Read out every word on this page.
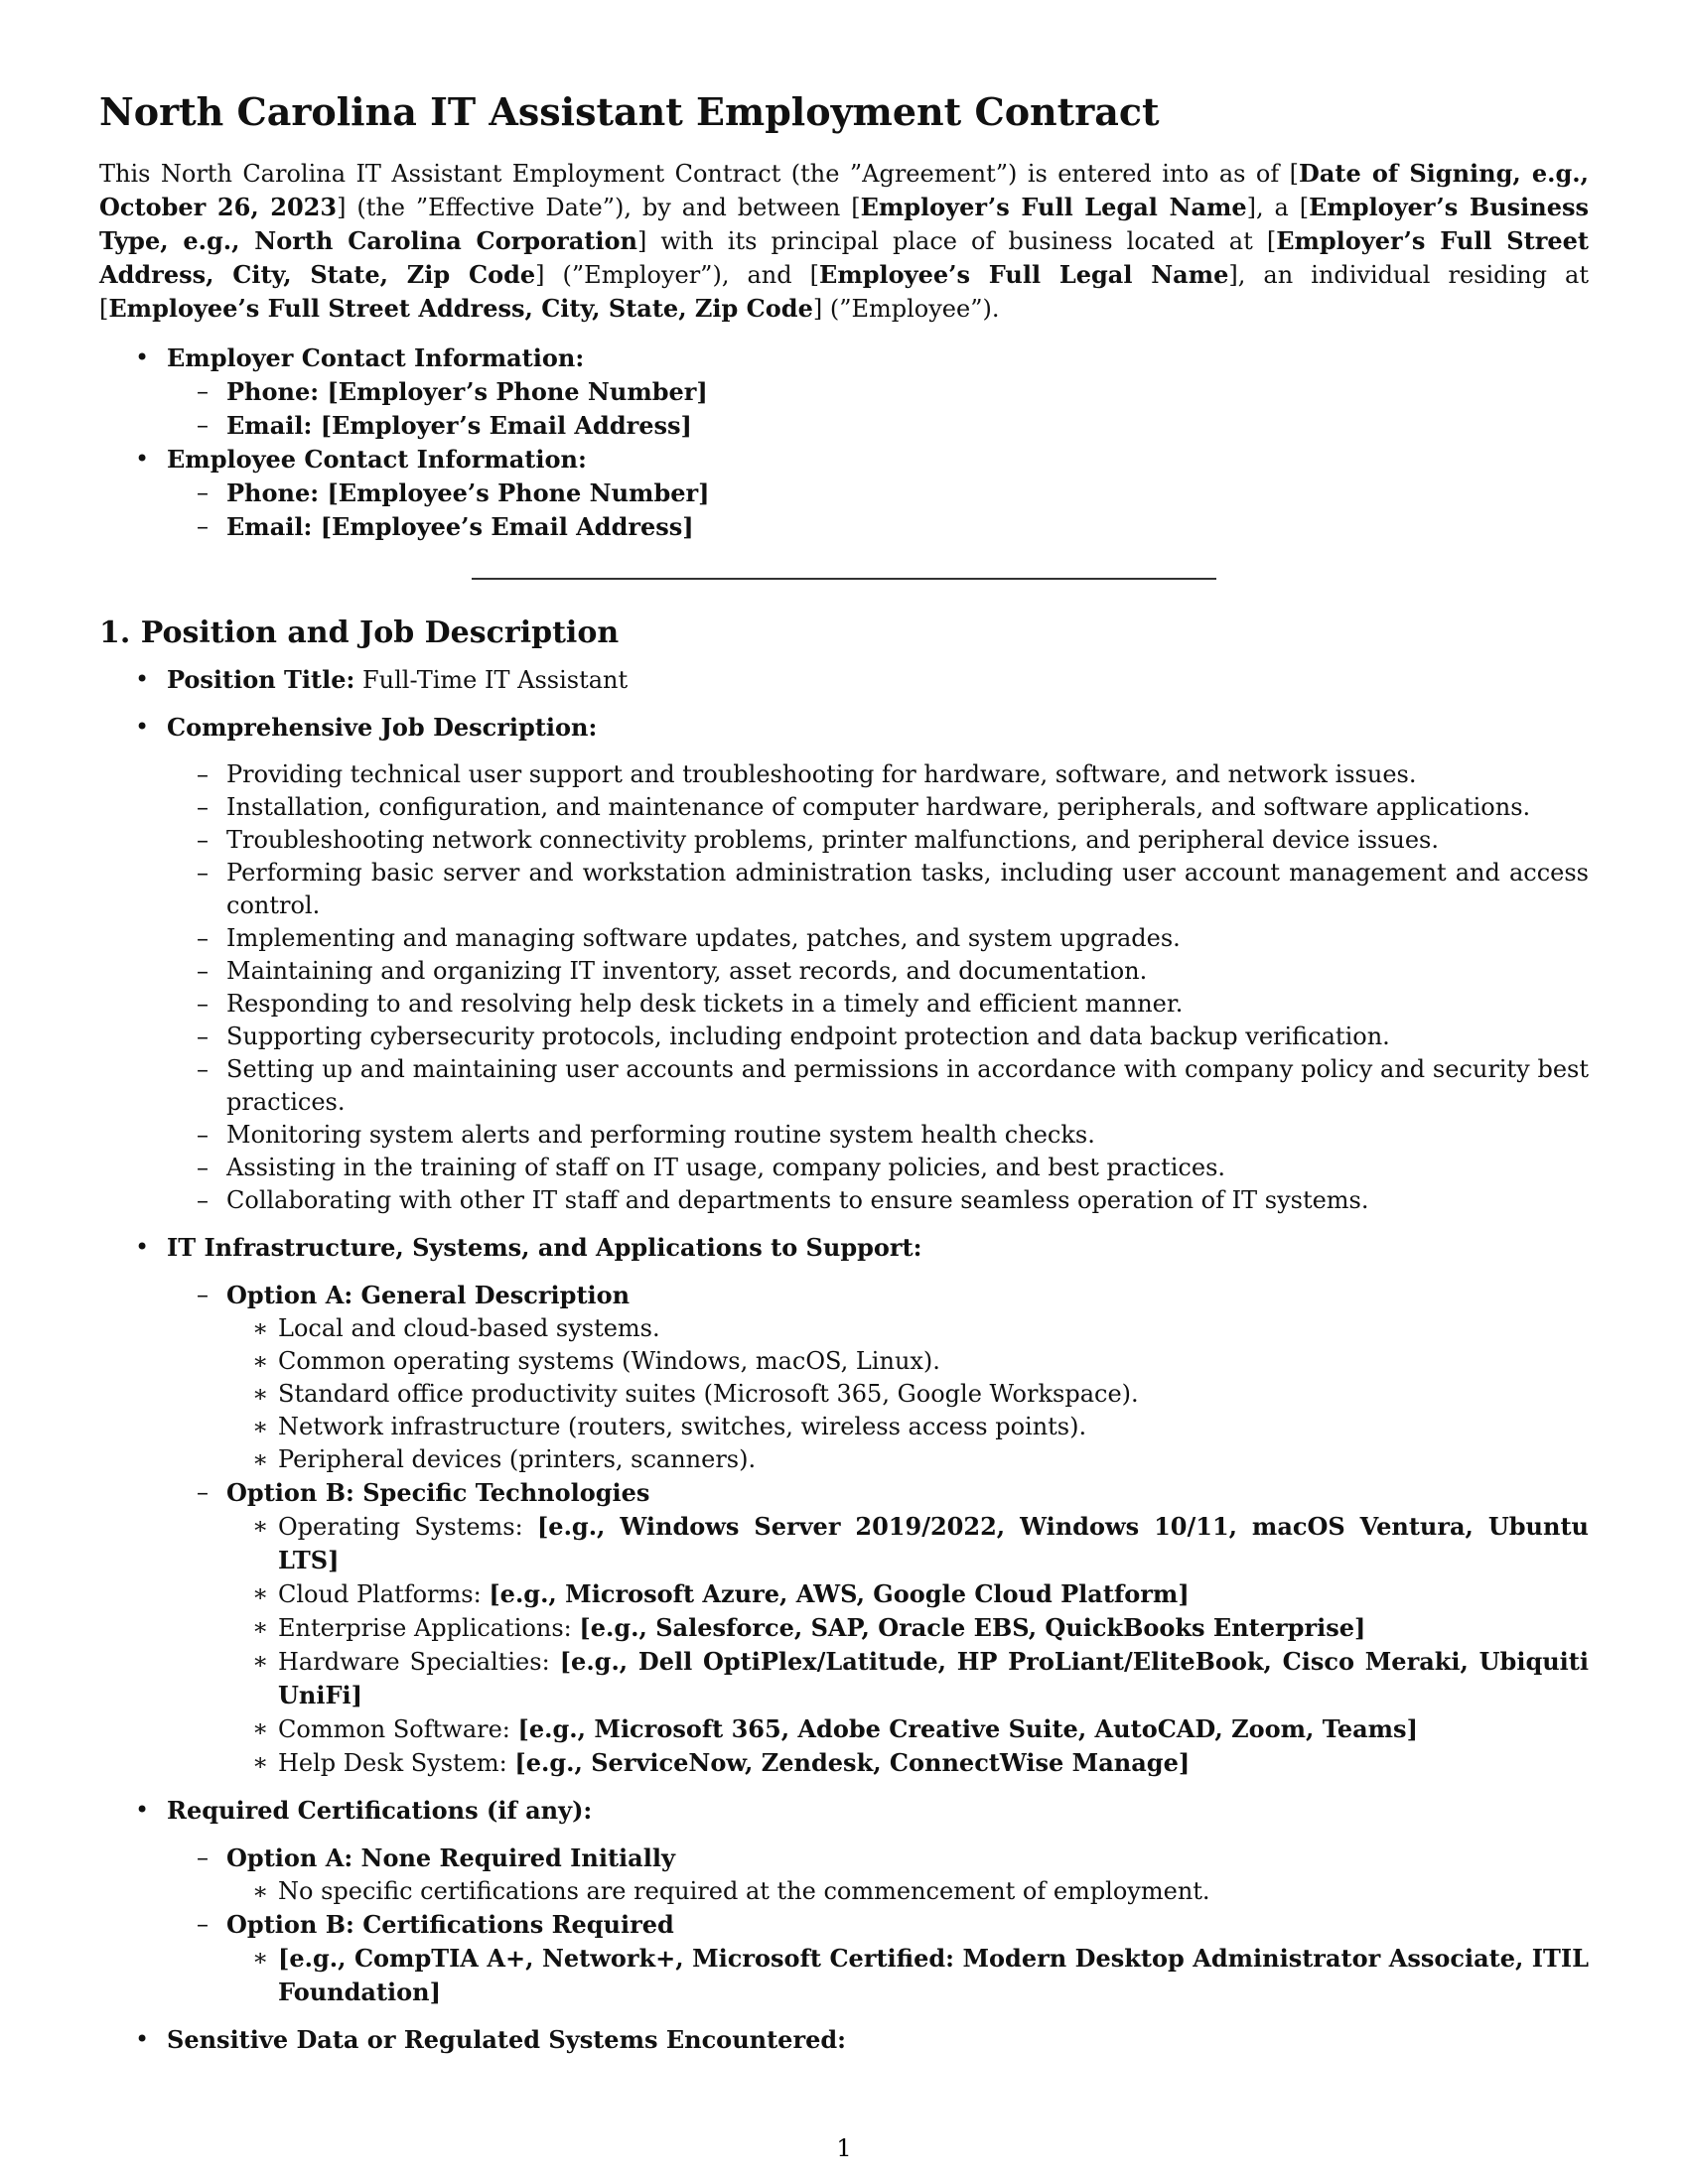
North Carolina IT Assistant Employment Contract

This North Carolina IT Assistant Employment Contract (the ”Agreement”) is entered into as of [Date of Signing, e.g., October 26, 2023] (the ”Effective Date”), by and between [Employer’s Full Legal Name], a [Employer’s Business Type, e.g., North Carolina Corporation] with its principal place of business located at [Employer’s Full Street Address, City, State, Zip Code] (”Employer”), and [Employee’s Full Legal Name], an individual residing at [Employee’s Full Street Address, City, State, Zip Code] (”Employee”).

• Employer Contact Information:
– Phone: [Employer’s Phone Number]
– Email: [Employer’s Email Address]
• Employee Contact Information:
– Phone: [Employee’s Phone Number]
– Email: [Employee’s Email Address]
1. Position and Job Description
• Position Title: Full-Time IT Assistant
• Comprehensive Job Description:
– Providing technical user support and troubleshooting for hardware, software, and network issues.
– Installation, configuration, and maintenance of computer hardware, peripherals, and software applications.
– Troubleshooting network connectivity problems, printer malfunctions, and peripheral device issues.
– Performing basic server and workstation administration tasks, including user account management and access control.
– Implementing and managing software updates, patches, and system upgrades.
– Maintaining and organizing IT inventory, asset records, and documentation.
– Responding to and resolving help desk tickets in a timely and efficient manner.
– Supporting cybersecurity protocols, including endpoint protection and data backup verification.
– Setting up and maintaining user accounts and permissions in accordance with company policy and security best practices.
– Monitoring system alerts and performing routine system health checks.
– Assisting in the training of staff on IT usage, company policies, and best practices.
– Collaborating with other IT staff and departments to ensure seamless operation of IT systems.
• IT Infrastructure, Systems, and Applications to Support:
– Option A: General Description
∗ Local and cloud-based systems.
∗ Common operating systems (Windows, macOS, Linux).
∗ Standard office productivity suites (Microsoft 365, Google Workspace).
∗ Network infrastructure (routers, switches, wireless access points).
∗ Peripheral devices (printers, scanners).
– Option B: Specific Technologies
∗ Operating Systems: [e.g., Windows Server 2019/2022, Windows 10/11, macOS Ventura, Ubuntu LTS]
∗ Cloud Platforms: [e.g., Microsoft Azure, AWS, Google Cloud Platform]
∗ Enterprise Applications: [e.g., Salesforce, SAP, Oracle EBS, QuickBooks Enterprise]
∗ Hardware Specialties: [e.g., Dell OptiPlex/Latitude, HP ProLiant/EliteBook, Cisco Meraki, Ubiquiti UniFi]
∗ Common Software: [e.g., Microsoft 365, Adobe Creative Suite, AutoCAD, Zoom, Teams]
∗ Help Desk System: [e.g., ServiceNow, Zendesk, ConnectWise Manage]
• Required Certifications (if any):
– Option A: None Required Initially
∗ No specific certifications are required at the commencement of employment.
– Option B: Certifications Required
∗ [e.g., CompTIA A+, Network+, Microsoft Certified: Modern Desktop Administrator Associate, ITIL Foundation]
• Sensitive Data or Regulated Systems Encountered:
1
